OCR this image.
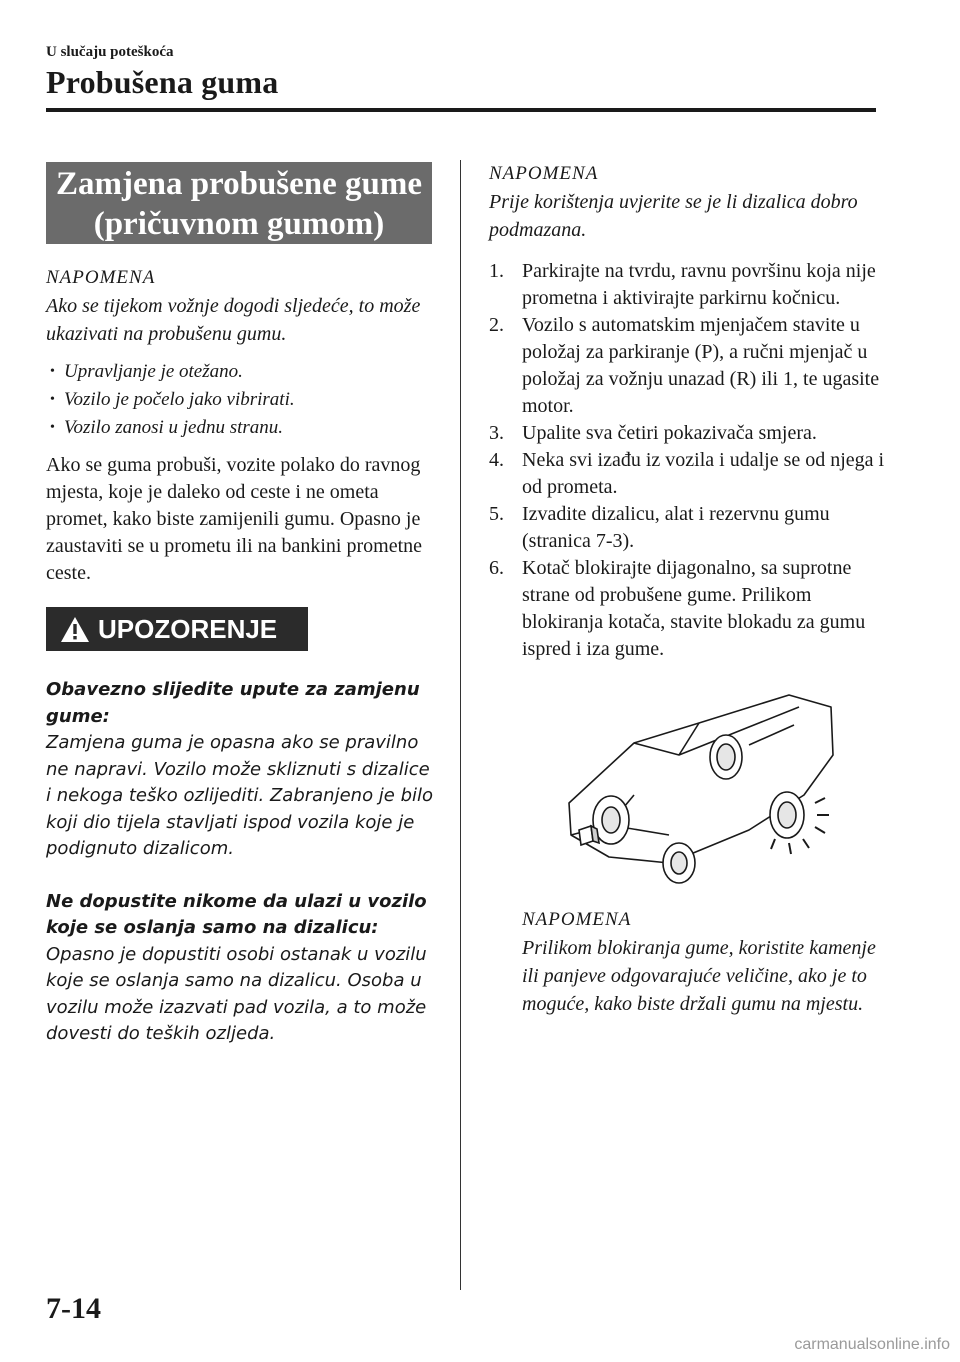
U slučaju poteškoća
Probušena guma
Zamjena probušene gume
(pričuvnom gumom)
NAPOMENA
Ako se tijekom vožnje dogodi sljedeće, to može ukazivati na probušenu gumu.
• Upravljanje je otežano.
• Vozilo je počelo jako vibrirati.
• Vozilo zanosi u jednu stranu.
Ako se guma probuši, vozite polako do ravnog mjesta, koje je daleko od ceste i ne ometa promet, kako biste zamijenili gumu. Opasno je zaustaviti se u prometu ili na bankini prometne ceste.
UPOZORENJE
Obavezno slijedite upute za zamjenu gume:
Zamjena guma je opasna ako se pravilno ne napravi. Vozilo može skliznuti s dizalice i nekoga teško ozlijediti. Zabranjeno je bilo koji dio tijela stavljati ispod vozila koje je podignuto dizalicom.
Ne dopustite nikome da ulazi u vozilo koje se oslanja samo na dizalicu:
Opasno je dopustiti osobi ostanak u vozilu koje se oslanja samo na dizalicu. Osoba u vozilu može izazvati pad vozila, a to može dovesti do teških ozljeda.
NAPOMENA
Prije korištenja uvjerite se je li dizalica dobro podmazana.
1. Parkirajte na tvrdu, ravnu površinu koja nije prometna i aktivirajte parkirnu kočnicu.
2. Vozilo s automatskim mjenjačem stavite u položaj za parkiranje (P), a ručni mjenjač u položaj za vožnju unazad (R) ili 1, te ugasite motor.
3. Upalite sva četiri pokazivača smjera.
4. Neka svi izađu iz vozila i udalje se od njega i od prometa.
5. Izvadite dizalicu, alat i rezervnu gumu (stranica 7-3).
6. Kotač blokirajte dijagonalno, sa suprotne strane od probušene gume. Prilikom blokiranja kotača, stavite blokadu za gumu ispred i iza gume.
NAPOMENA
Prilikom blokiranja gume, koristite kamenje ili panjeve odgovarajuće veličine, ako je to moguće, kako biste držali gumu na mjestu.
7-14
carmanualsonline.info
